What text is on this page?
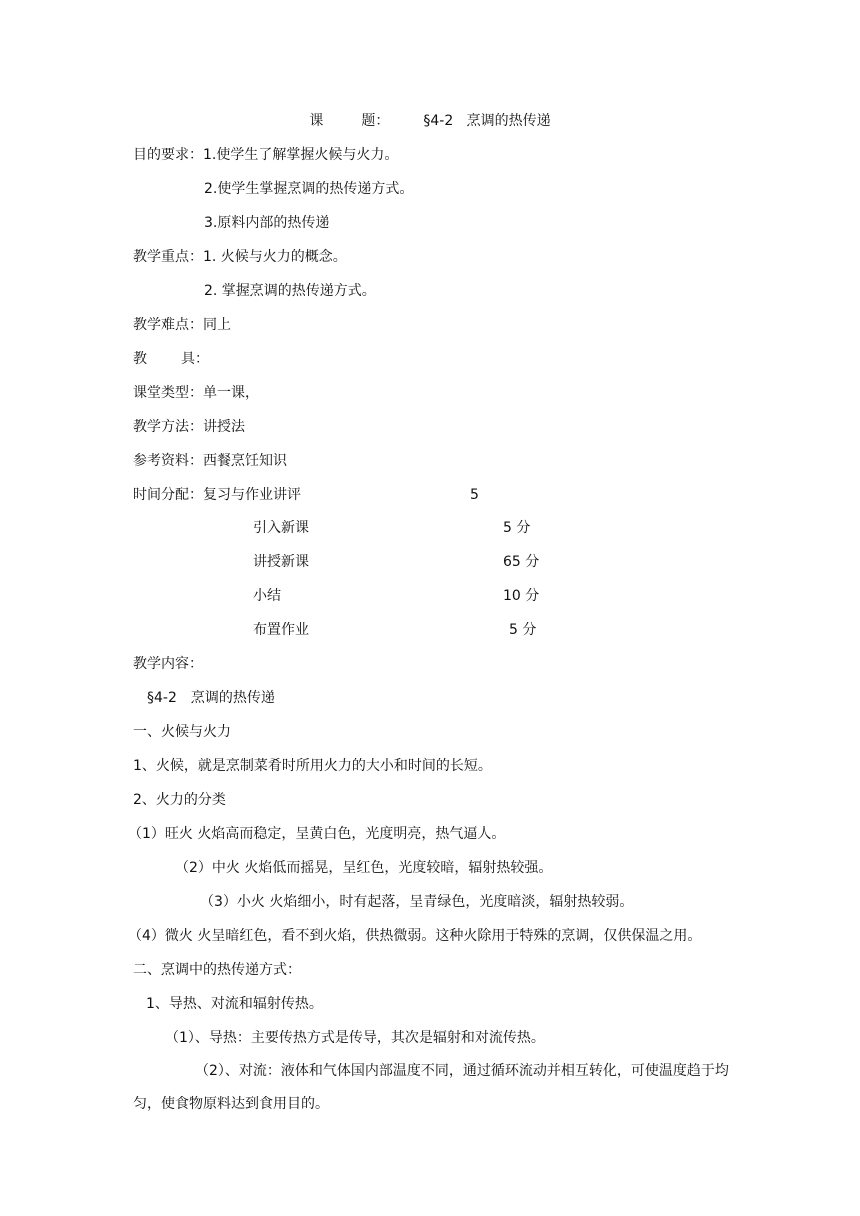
课	题： §4-2 烹调的热传递
目的要求：1.使学生了解掌握火候与火力。
2.使学生掌握烹调的热传递方式。
3.原料内部的热传递
教学重点：1. 火候与火力的概念。
2. 掌握烹调的热传递方式。
教学难点：同上
教 具：
课堂类型：单一课，
教学方法：讲授法
参考资料：西餐烹饪知识
时间分配：复习与作业讲评	5
引入新课	5 分
讲授新课	65 分
小结	10 分
布置作业	5 分
教学内容：
§4-2　烹调的热传递
一、火候与火力
1、火候，就是烹制菜肴时所用火力的大小和时间的长短。
2、火力的分类
（1）旺火 火焰高而稳定，呈黄白色，光度明亮，热气逼人。
（2）中火 火焰低而摇晃，呈红色，光度较暗，辐射热较强。
（3）小火 火焰细小，时有起落，呈青绿色，光度暗淡，辐射热较弱。
（4）微火 火呈暗红色，看不到火焰，供热微弱。这种火除用于特殊的烹调，仅供保温之用。
二、烹调中的热传递方式：
1、导热、对流和辐射传热。
（1）、导热：主要传热方式是传导，其次是辐射和对流传热。
（2）、对流：液体和气体国内部温度不同，通过循环流动并相互转化，可使温度趋于均匀，使食物原料达到食用目的。
